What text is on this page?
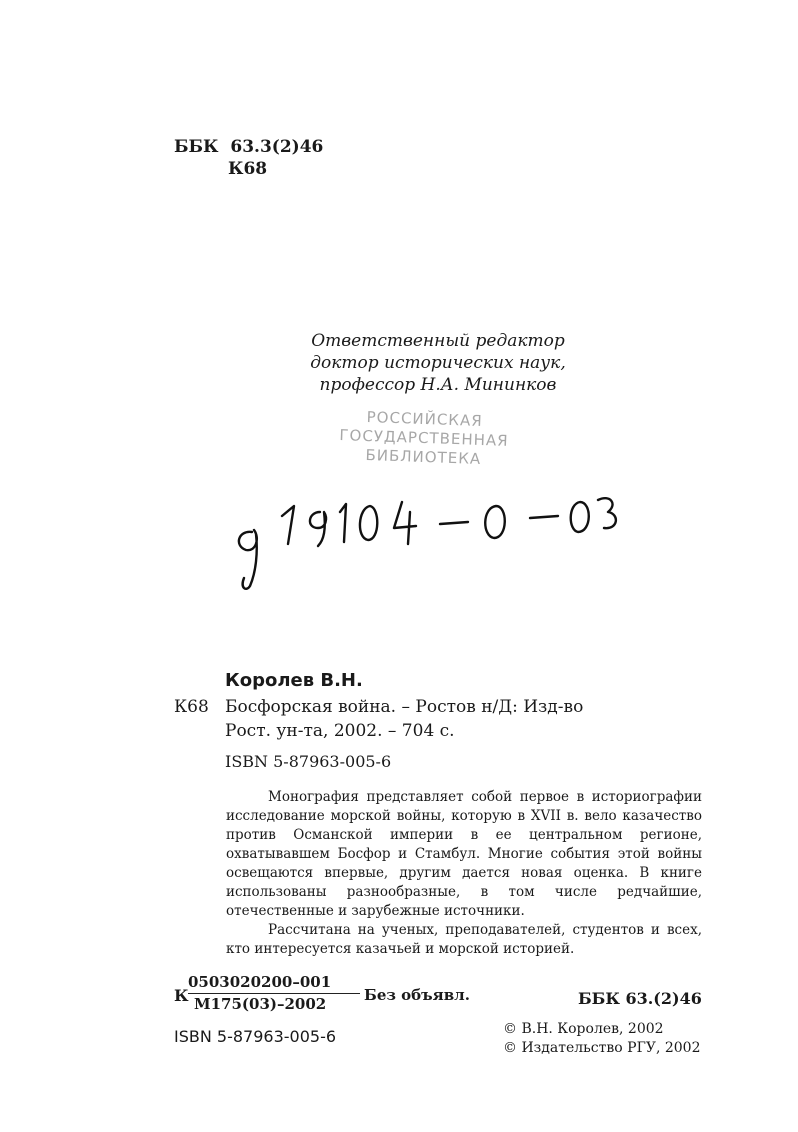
ББК 63.3(2)46
К68
Ответственный редактор
доктор исторических наук,
профессор Н.А. Мининков
РОССИЙСКАЯ
ГОСУДАРСТВЕННАЯ
БИБЛИОТЕКА
Королев В.Н.
К68 Босфорская война. – Ростов н/Д: Изд-во
Рост. ун-та, 2002. – 704 с.
ISBN 5-87963-005-6

Монография представляет собой первое в историографии исследование морской войны, которую в XVII в. вело казачество против Османской империи в ее центральном регионе, охватывавшем Босфор и Стамбул. Многие события этой войны освещаются впервые, другим дается новая оценка. В книге использованы разнообразные, в том числе редчайшие, отечественные и зарубежные источники.

Рассчитана на ученых, преподавателей, студентов и всех, кто интересуется казачьей и морской историей.

К
0503020200–001
М175(03)–2002	Без объявл.	ББК 63.(2)46
ISBN 5-87963-005-6	© В.Н. Королев, 2002
© Издательство РГУ, 2002
